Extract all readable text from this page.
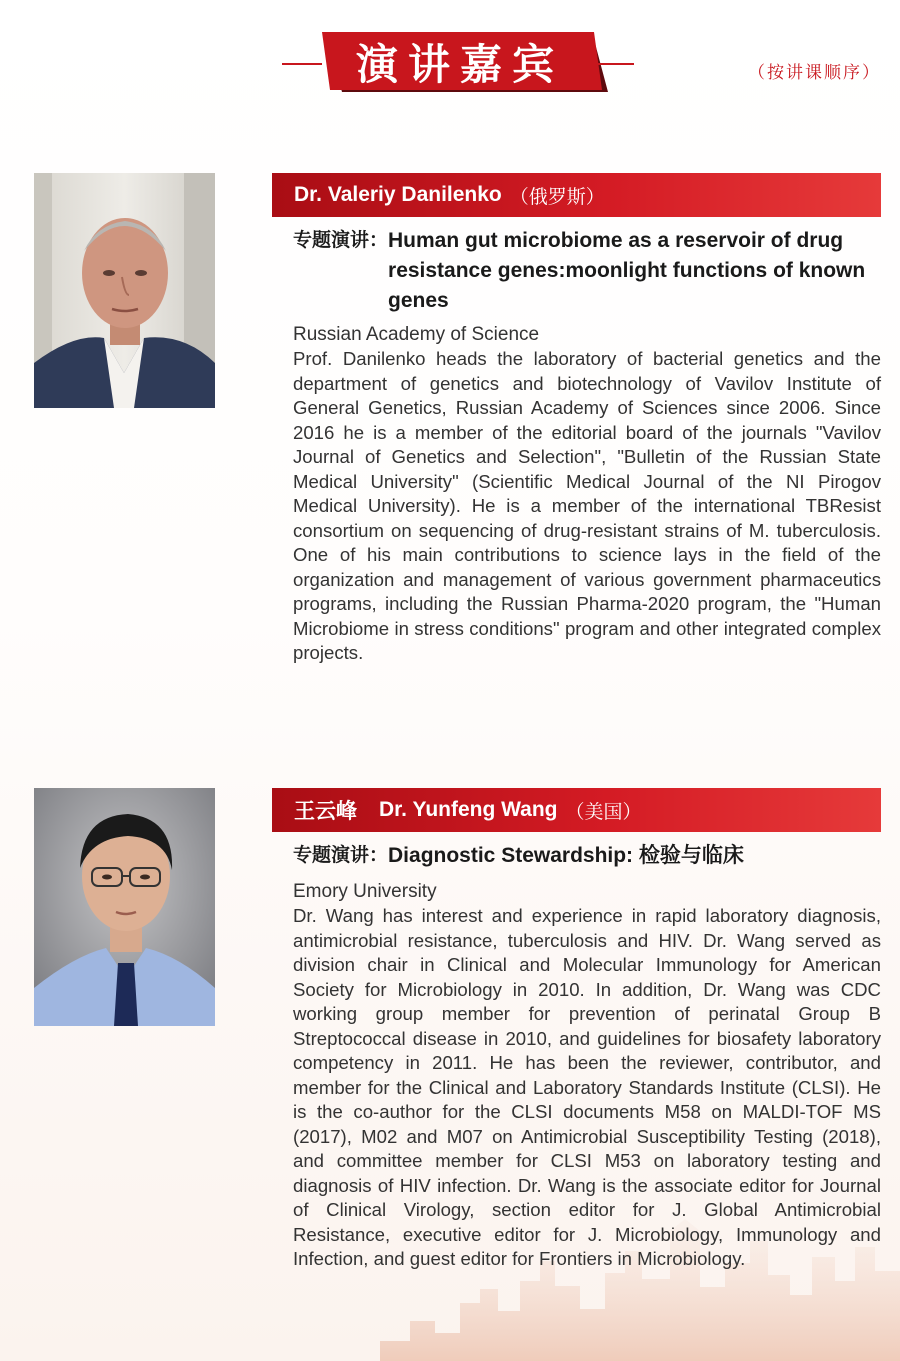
演讲嘉宾	（按讲课顺序）
Dr. Valeriy Danilenko （俄罗斯）
专题演讲： Human gut microbiome as a reservoir of drug resistance genes:moonlight functions of known genes
Russian Academy of Science
Prof. Danilenko heads the laboratory of bacterial genetics and the department of genetics and biotechnology of Vavilov Institute of General Genetics, Russian Academy of Sciences since 2006. Since 2016 he is a member of the editorial board of the journals "Vavilov Journal of Genetics and Selection", "Bulletin of the Russian State Medical University" (Scientific Medical Journal of the NI Pirogov Medical University). He is a member of the international TBResist consortium on sequencing of drug-resistant strains of M. tuberculosis. One of his main contributions to science lays in the field of the organization and management of various government pharmaceutics programs, including the Russian Pharma-2020 program, the "Human Microbiome in stress conditions" program and other integrated complex projects.
王云峰 Dr. Yunfeng Wang （美国）
专题演讲： Diagnostic Stewardship: 检验与临床
Emory University
Dr. Wang has interest and experience in rapid laboratory diagnosis, antimicrobial resistance, tuberculosis and HIV. Dr. Wang served as division chair in Clinical and Molecular Immunology for American Society for Microbiology in 2010. In addition, Dr. Wang was CDC working group member for prevention of perinatal Group B Streptococcal disease in 2010, and guidelines for biosafety laboratory competency in 2011. He has been the reviewer, contributor, and member for the Clinical and Laboratory Standards Institute (CLSI). He is the co-author for the CLSI documents M58 on MALDI-TOF MS (2017), M02 and M07 on Antimicrobial Susceptibility Testing (2018), and committee member for CLSI M53 on laboratory testing and diagnosis of HIV infection. Dr. Wang is the associate editor for Journal of Clinical Virology, section editor for J. Global Antimicrobial Resistance, executive editor for J. Microbiology, Immunology and Infection, and guest editor for Frontiers in Microbiology.
